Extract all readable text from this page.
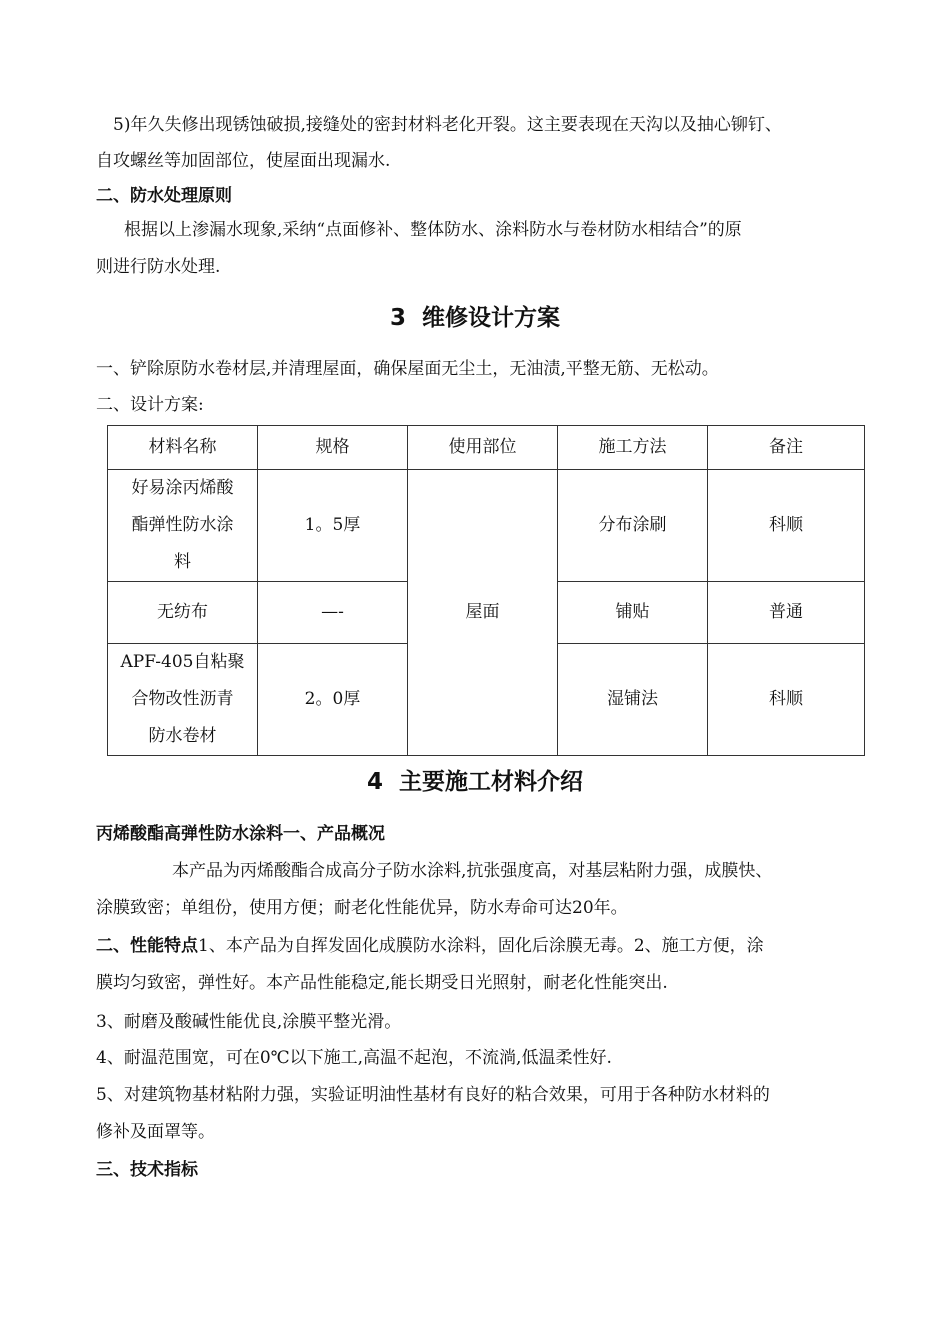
5)年久失修出现锈蚀破损,接缝处的密封材料老化开裂。这主要表现在天沟以及抽心铆钉、
自攻螺丝等加固部位，使屋面出现漏水.
二、防水处理原则
根据以上渗漏水现象,采纳“点面修补、整体防水、涂料防水与卷材防水相结合”的原
则进行防水处理.
3  维修设计方案
一、铲除原防水卷材层,并清理屋面，确保屋面无尘土，无油渍,平整无筋、无松动。
二、设计方案:
材料名称	规格	使用部位	施工方法	备注

好易涂丙烯酸
酯弹性防水涂
料	1。5厚	屋面	分布涂刷	科顺

无纺布	—-		铺贴	普通

APF-405自粘聚
合物改性沥青
防水卷材	2。0厚		湿铺法	科顺
4  主要施工材料介绍
丙烯酸酯高弹性防水涂料一、产品概况
本产品为丙烯酸酯合成高分子防水涂料,抗张强度高，对基层粘附力强，成膜快、
涂膜致密；单组份，使用方便；耐老化性能优异，防水寿命可达20年。
二、性能特点1、本产品为自挥发固化成膜防水涂料，固化后涂膜无毒。2、施工方便，涂
膜均匀致密，弹性好。本产品性能稳定,能长期受日光照射，耐老化性能突出.
3、耐磨及酸碱性能优良,涂膜平整光滑。
4、耐温范围宽，可在0℃以下施工,高温不起泡，不流淌,低温柔性好.
5、对建筑物基材粘附力强，实验证明油性基材有良好的粘合效果，可用于各种防水材料的
修补及面罩等。
三、技术指标
